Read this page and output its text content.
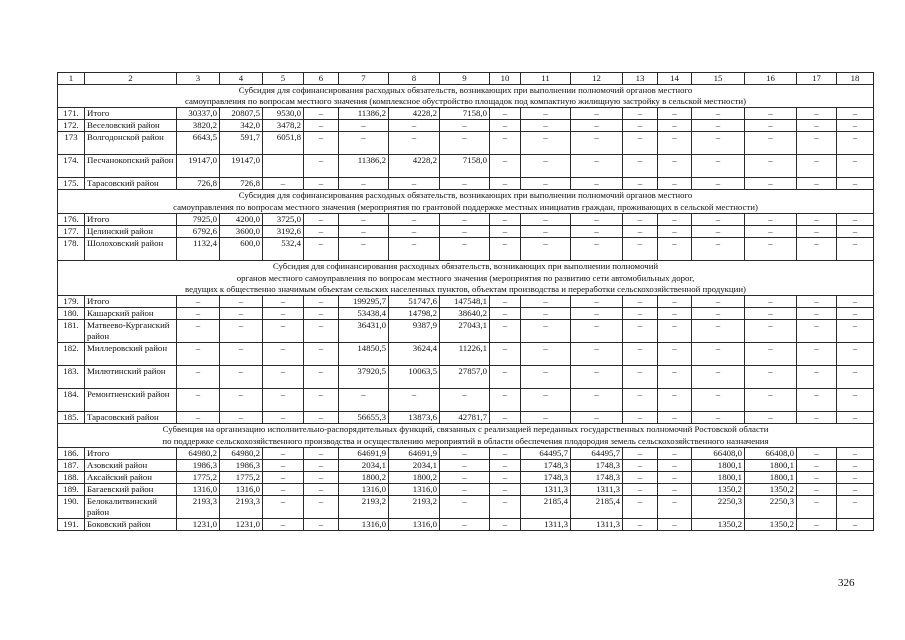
1	2	3	4	5	6	7	8	9	10	11	12	13	14	15	16	17	18

Субсидия для софинансирования расходных обязательств, возникающих при выполнении полномочий органов местного
самоуправления по вопросам местного значения (комплексное обустройство площадок под компактную жилищную застройку в сельской местности)																	

171.	Итого	30337,0	20807,5	9530,0	–	11386,2	4228,2	7158,0	–	–	–	–	–	–	–	–	–
172.	Веселовский район	3820,2	342,0	3478,2	–	–	–	–	–	–	–	–	–	–	–	–	–
173	Волгодонской район	6643,5	591,7	6051,8	–	–	–	–	–	–	–	–	–	–	–	–	–
174.	Песчанокопский район	19147,0	19147,0		–	11386,2	4228,2	7158,0	–	–	–	–	–	–	–	–	–
175.	Тарасовский район	726,8	726,8	–	–	–	–	–	–	–	–	–	–	–	–	–	–

Субсидия для софинансирования расходных обязательств, возникающих при выполнении полномочий органов местного
самоуправления по вопросам местного значения (мероприятия по грантовой поддержке местных инициатив граждан, проживающих в сельской местности)																	

176.	Итого	7925,0	4200,0	3725,0	–	–	–	–	–	–	–	–	–	–	–	–	–
177.	Целинский район	6792,6	3600,0	3192,6	–	–	–	–	–	–	–	–	–	–	–	–	–
178.	Шолоховский район	1132,4	600,0	532,4	–	–	–	–	–	–	–	–	–	–	–	–	–

Субсидия для софинансирования расходных обязательств, возникающих при выполнении полномочий
органов местного самоуправления по вопросам местного значения (мероприятия по развитию сети автомобильных дорог,
ведущих к общественно значимым объектам сельских населенных пунктов, объектам производства и переработки сельскохозяйственной продукции)																	

179.	Итого	–	–	–	–	199295,7	51747,6	147548,1	–	–	–	–	–	–	–	–	–
180.	Кашарский район	–	–	–	–	53438,4	14798,2	38640,2	–	–	–	–	–	–	–	–	–
181.	Матвеево-Курганский район	–	–	–	–	36431,0	9387,9	27043,1	–	–	–	–	–	–	–	–	–
182.	Миллеровский район	–	–	–	–	14850,5	3624,4	11226,1	–	–	–	–	–	–	–	–	–
183.	Милютинский район	–	–	–	–	37920,5	10063,5	27857,0	–	–	–	–	–	–	–	–	–
184.	Ремонтненский район	–	–	–	–	–	–	–	–	–	–	–	–	–	–	–	–
185.	Тарасовский район	–	–	–	–	56655,3	13873,6	42781,7	–	–	–	–	–	–	–	–	–

Субвенция на организацию исполнительно-распорядительных функций, связанных с реализацией переданных государственных полномочий Ростовской области
по поддержке сельскохозяйственного производства и осуществлению мероприятий в области обеспечения плодородия земель сельскохозяйственного назначения																	

186.	Итого	64980,2	64980,2	–	–	64691,9	64691,9	–	–	64495,7	64495,7	–	–	66408,0	66408,0	–	–
187.	Азовский район	1986,3	1986,3	–	–	2034,1	2034,1	–	–	1748,3	1748,3	–	–	1800,1	1800,1	–	–
188.	Аксайский район	1775,2	1775,2	–	–	1800,2	1800,2	–	–	1748,3	1748,3	–	–	1800,1	1800,1	–	–
189.	Багаевский район	1316,0	1316,0	–	–	1316,0	1316,0	–	–	1311,3	1311,3	–	–	1350,2	1350,2	–	–
190.	Белокалитвинский район	2193,3	2193,3	–	–	2193,2	2193,2	–	–	2185,4	2185,4	–	–	2250,3	2250,3	–	–
191.	Боковский район	1231,0	1231,0	–	–	1316,0	1316,0	–	–	1311,3	1311,3	–	–	1350,2	1350,2	–	–
326
